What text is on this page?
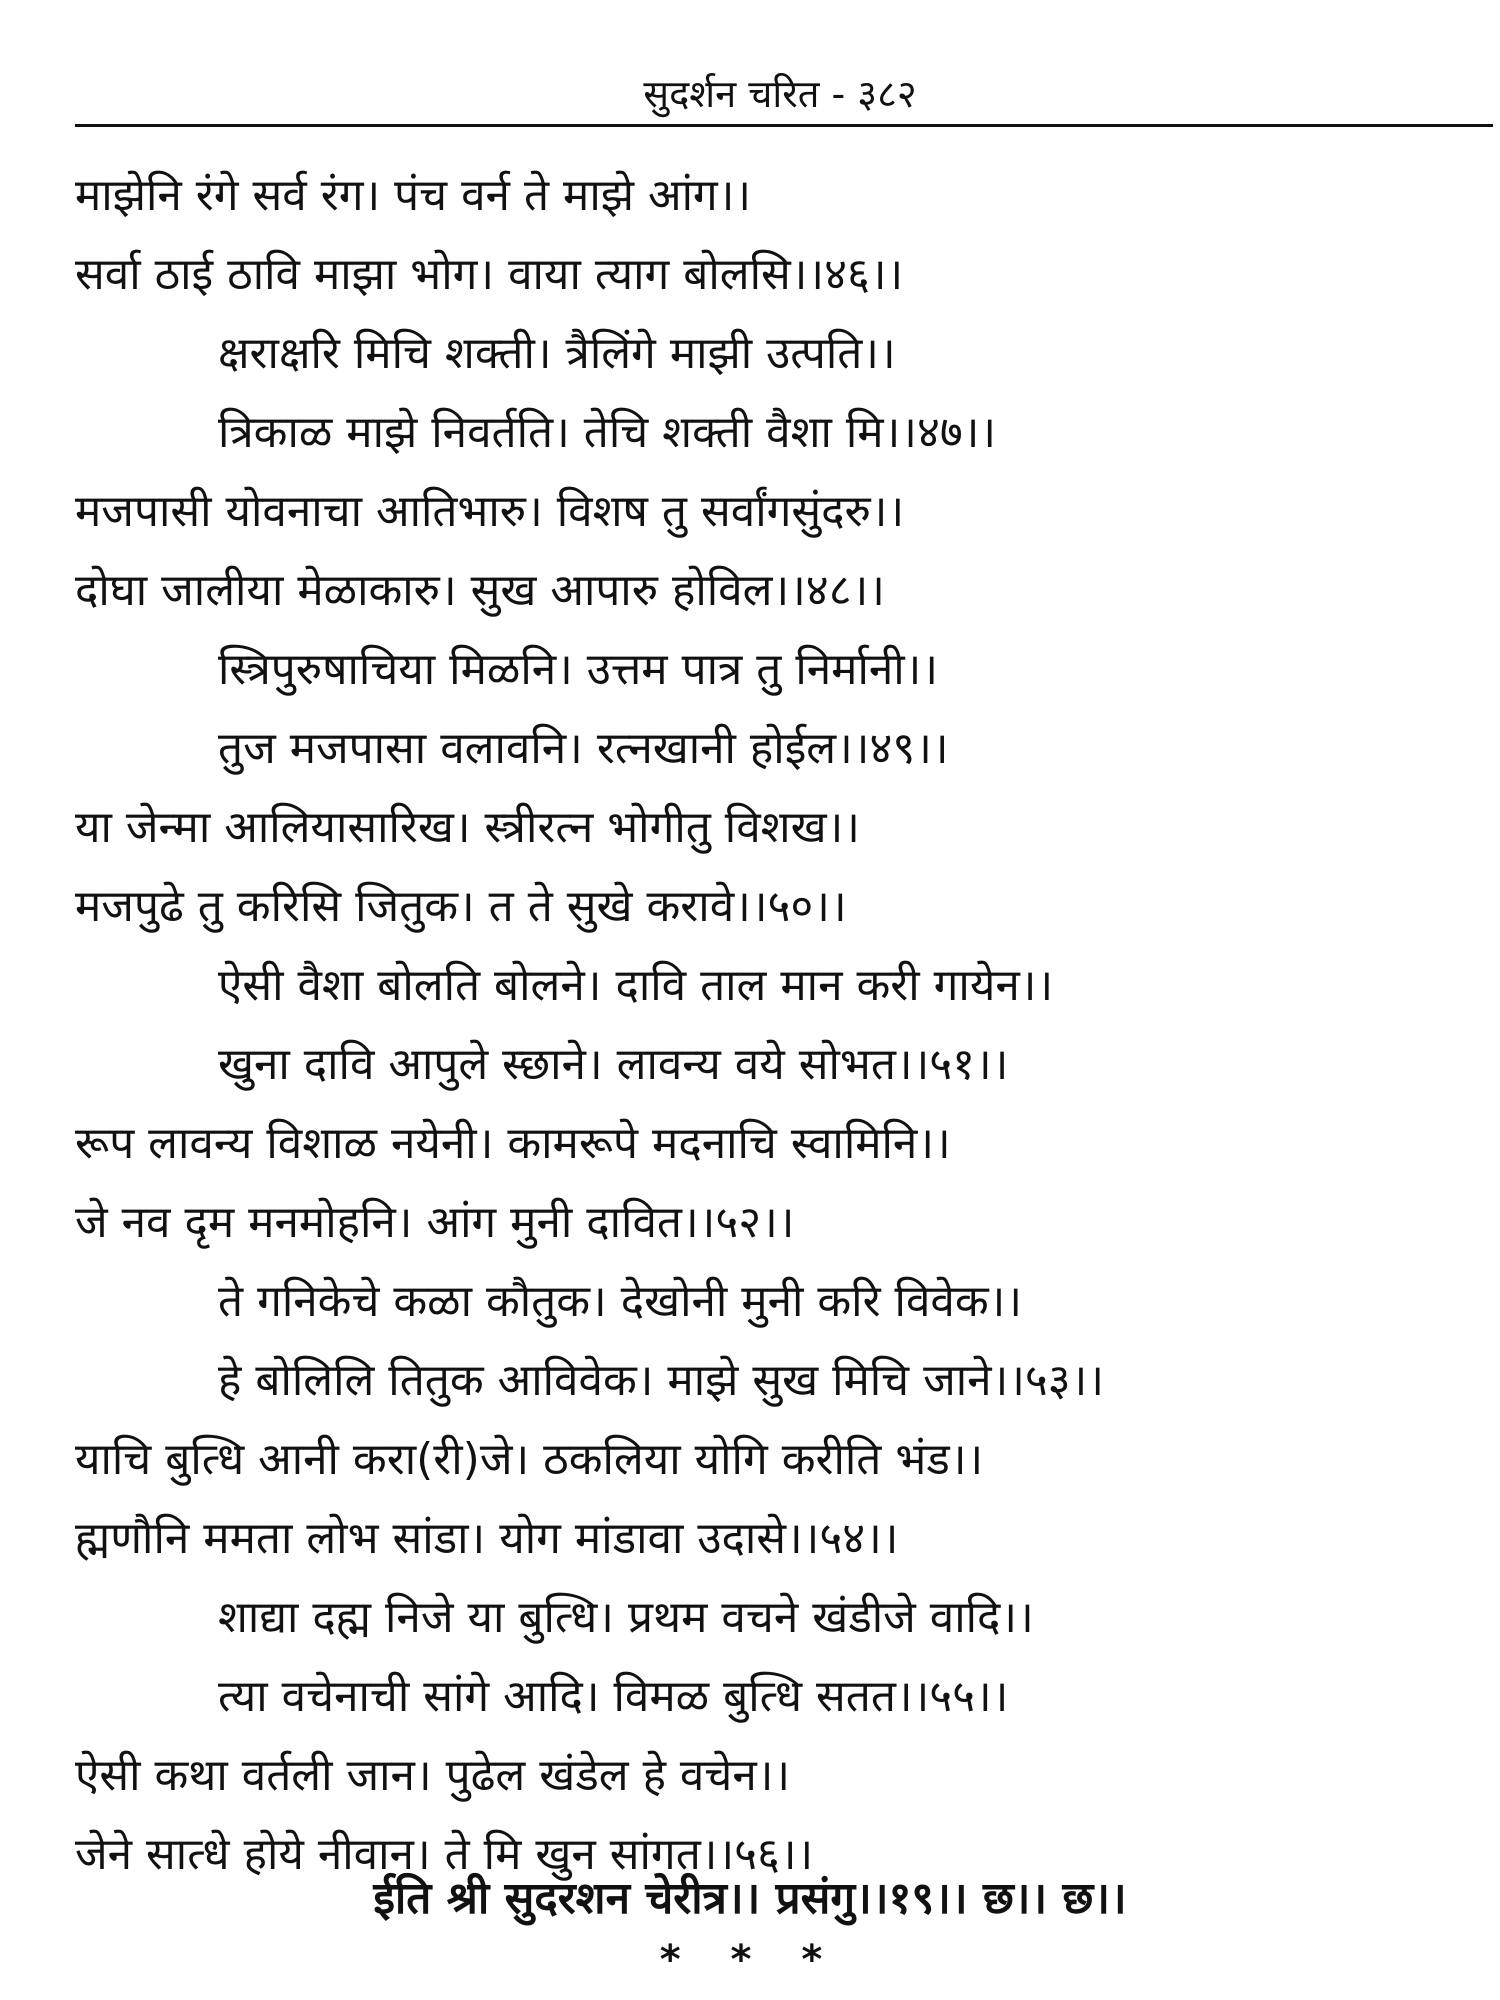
सुदर्शन चरित - ३८२
माझेनि रंगे सर्व रंग। पंच वर्न ते माझे आंग।।
सर्वा ठाई ठावि माझा भोग। वाया त्याग बोलसि।।४६।।
क्षराक्षरि मिचि शक्ती। त्रैलिंगे माझी उत्पति।।
त्रिकाळ माझे निवर्तति। तेचि शक्ती वैशा मि।।४७।।
मजपासी योवनाचा आतिभारु। विशष तु सर्वांगसुंदरु।।
दोघा जालीया मेळाकारु। सुख आपारु होविल।।४८।।
स्त्रिपुरुषाचिया मिळनि। उत्तम पात्र तु निर्मानी।।
तुज मजपासा वलावनि। रत्नखानी होईल।।४९।।
या जेन्मा आलियासारिख। स्त्रीरत्न भोगीतु विशख।।
मजपुढे तु करिसि जितुक। त ते सुखे करावे।।५०।।
ऐसी वैशा बोलति बोलने। दावि ताल मान करी गायेन।।
खुना दावि आपुले स्छाने। लावन्य वये सोभत।।५१।।
रूप लावन्य विशाळ नयेनी। कामरूपे मदनाचि स्वामिनि।।
जे नव दृम मनमोहनि। आंग मुनी दावित।।५२।।
ते गनिकेचे कळा कौतुक। देखोनी मुनी करि विवेक।।
हे बोलिलि तितुक आविवेक। माझे सुख मिचि जाने।।५३।।
याचि बुत्धि आनी करा(री)जे। ठकलिया योगि करीति भंड।।
ह्मणौनि ममता लोभ सांडा। योग मांडावा उदासे।।५४।।
शाद्या दह्म निजे या बुत्धि। प्रथम वचने खंडीजे वादि।।
त्या वचेनाची सांगे आदि। विमळ बुत्धि सतत।।५५।।
ऐसी कथा वर्तली जान। पुढेल खंडेल हे वचेन।।
जेने सात्धे होये नीवान। ते मि खुन सांगत।।५६।।
ईति श्री सुदरशन चेरीत्र।। प्रसंगु।।१९।। छ।। छ।।
* * *
